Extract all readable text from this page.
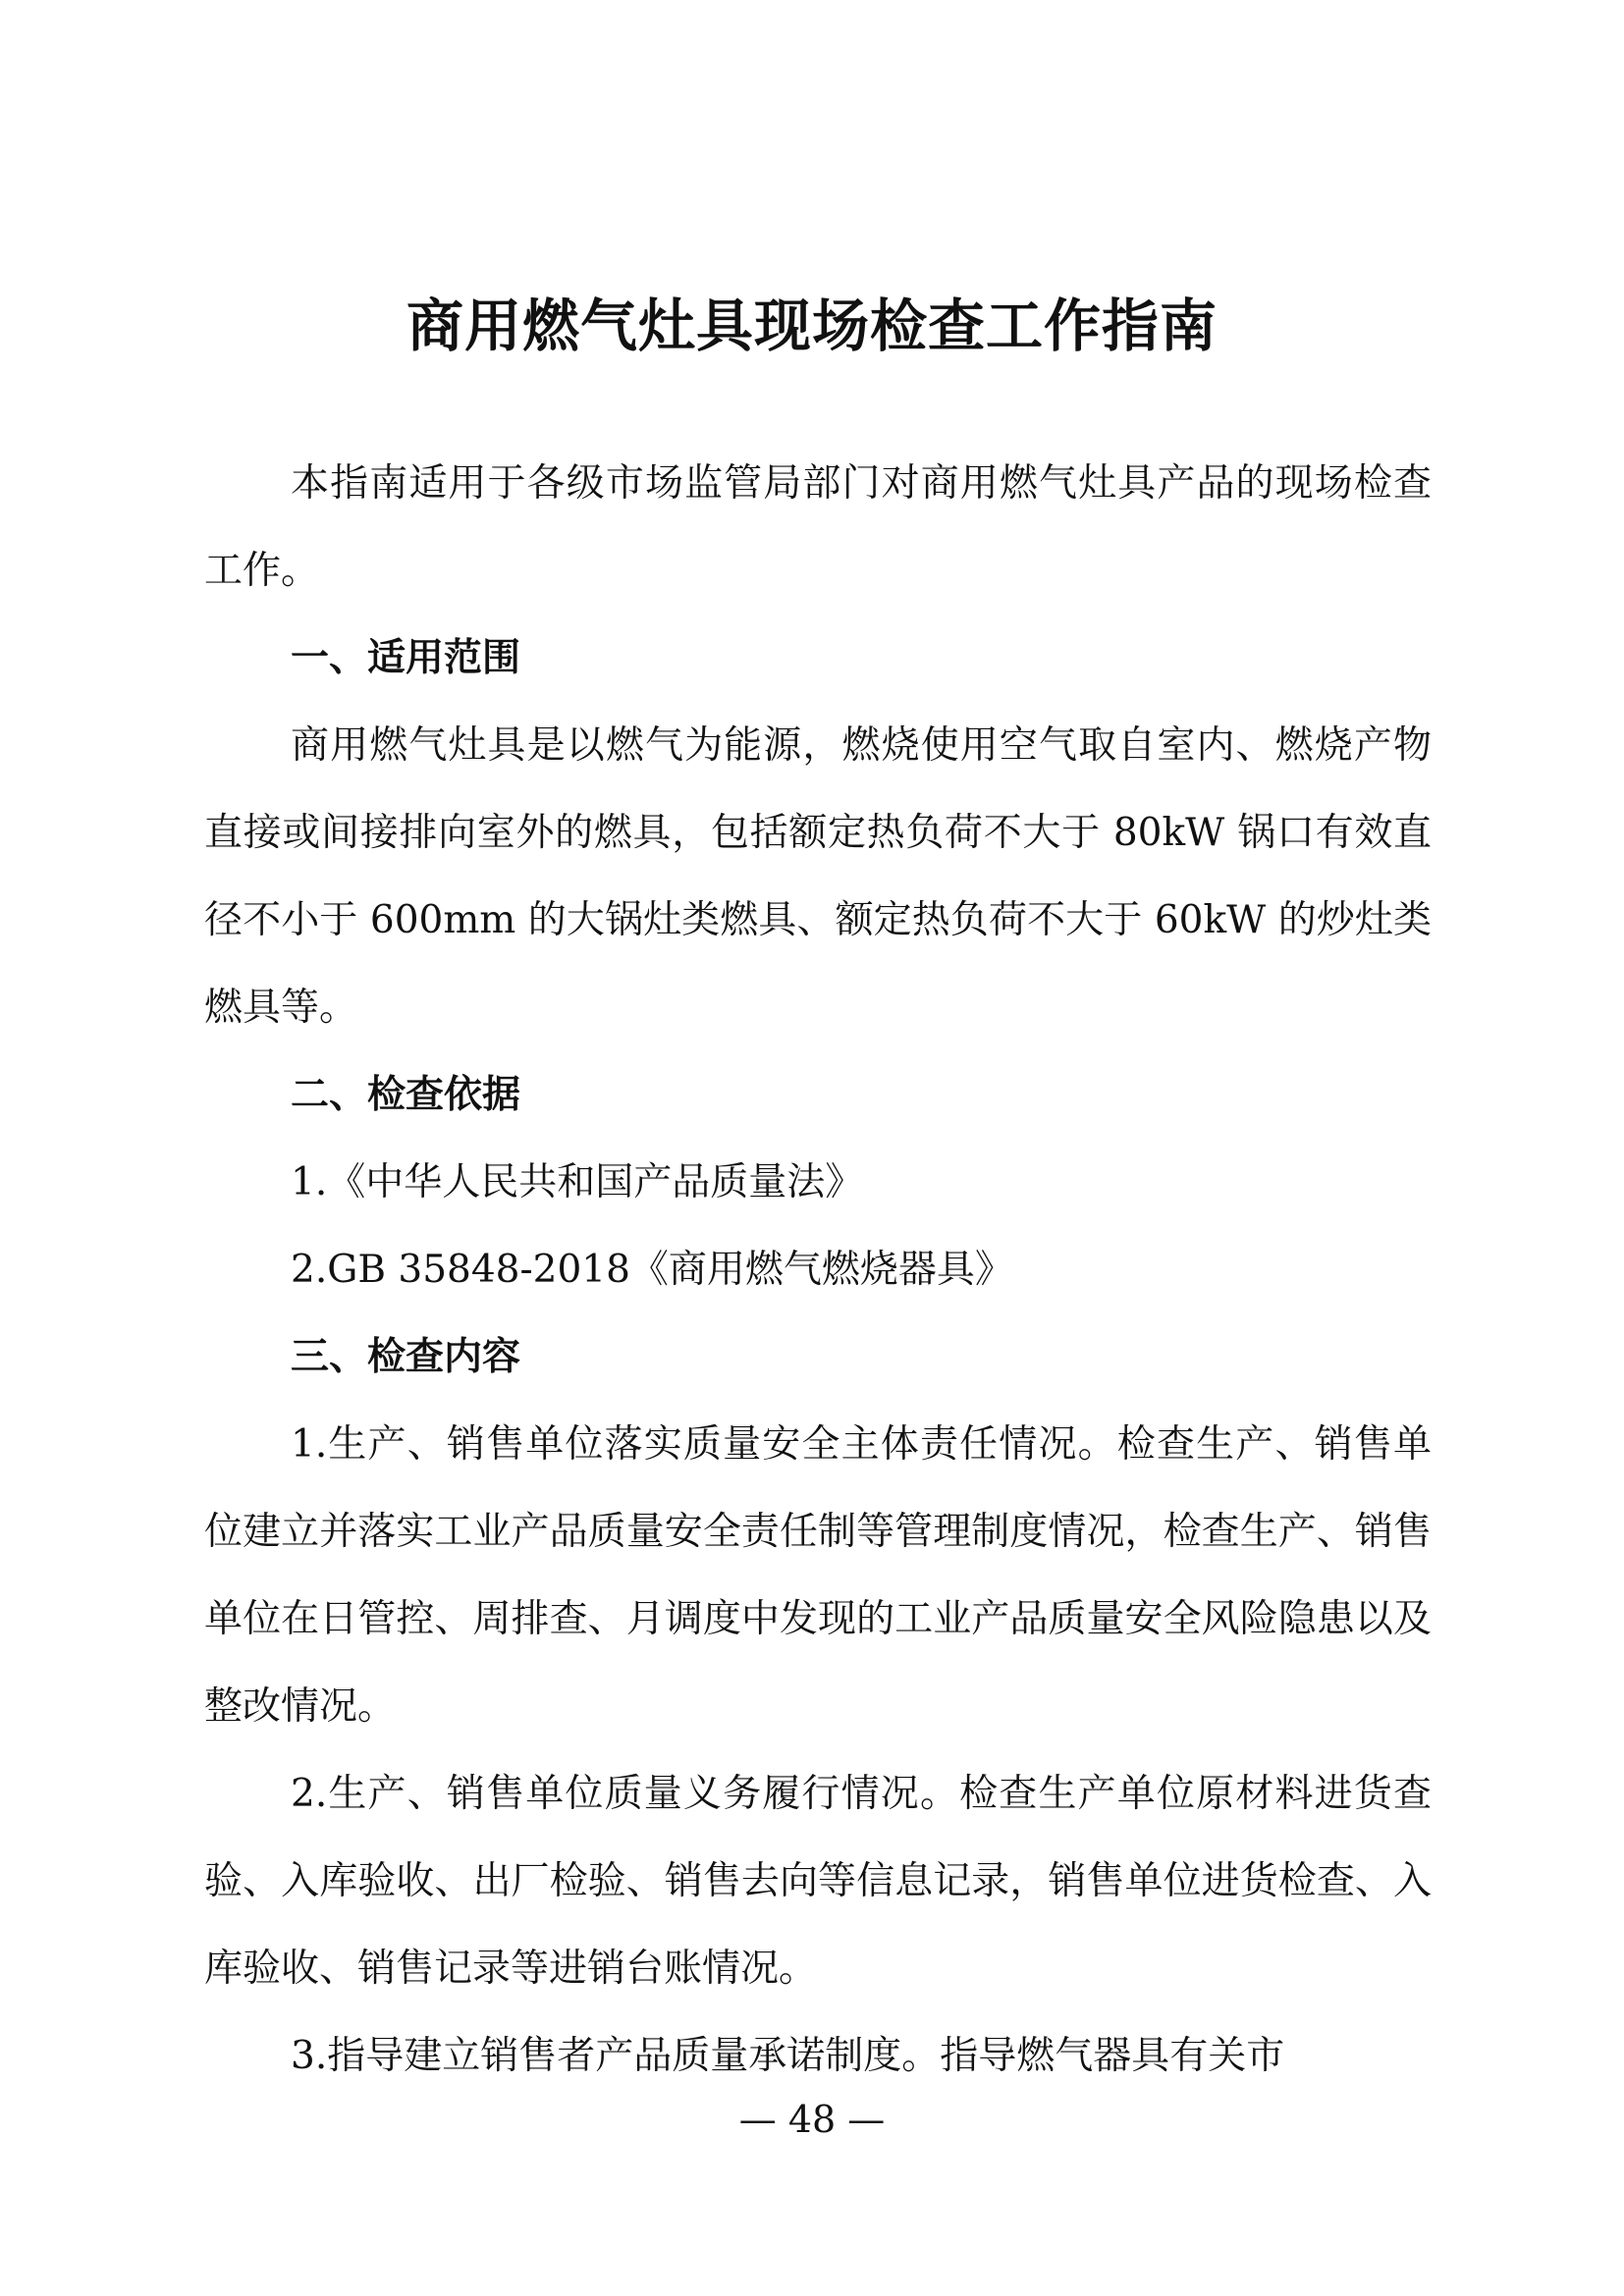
商用燃气灶具现场检查工作指南

本指南适用于各级市场监管局部门对商用燃气灶具产品的现场检查工作。

一、适用范围

商用燃气灶具是以燃气为能源，燃烧使用空气取自室内、燃烧产物直接或间接排向室外的燃具，包括额定热负荷不大于 80kW 锅口有效直径不小于 600mm 的大锅灶类燃具、额定热负荷不大于 60kW 的炒灶类燃具等。

二、检查依据

1.《中华人民共和国产品质量法》

2.GB 35848-2018《商用燃气燃烧器具》

三、检查内容

1.生产、销售单位落实质量安全主体责任情况。检查生产、销售单位建立并落实工业产品质量安全责任制等管理制度情况，检查生产、销售单位在日管控、周排查、月调度中发现的工业产品质量安全风险隐患以及整改情况。

2.生产、销售单位质量义务履行情况。检查生产单位原材料进货查验、入库验收、出厂检验、销售去向等信息记录，销售单位进货检查、入库验收、销售记录等进销台账情况。

3.指导建立销售者产品质量承诺制度。指导燃气器具有关市

— 48 —
